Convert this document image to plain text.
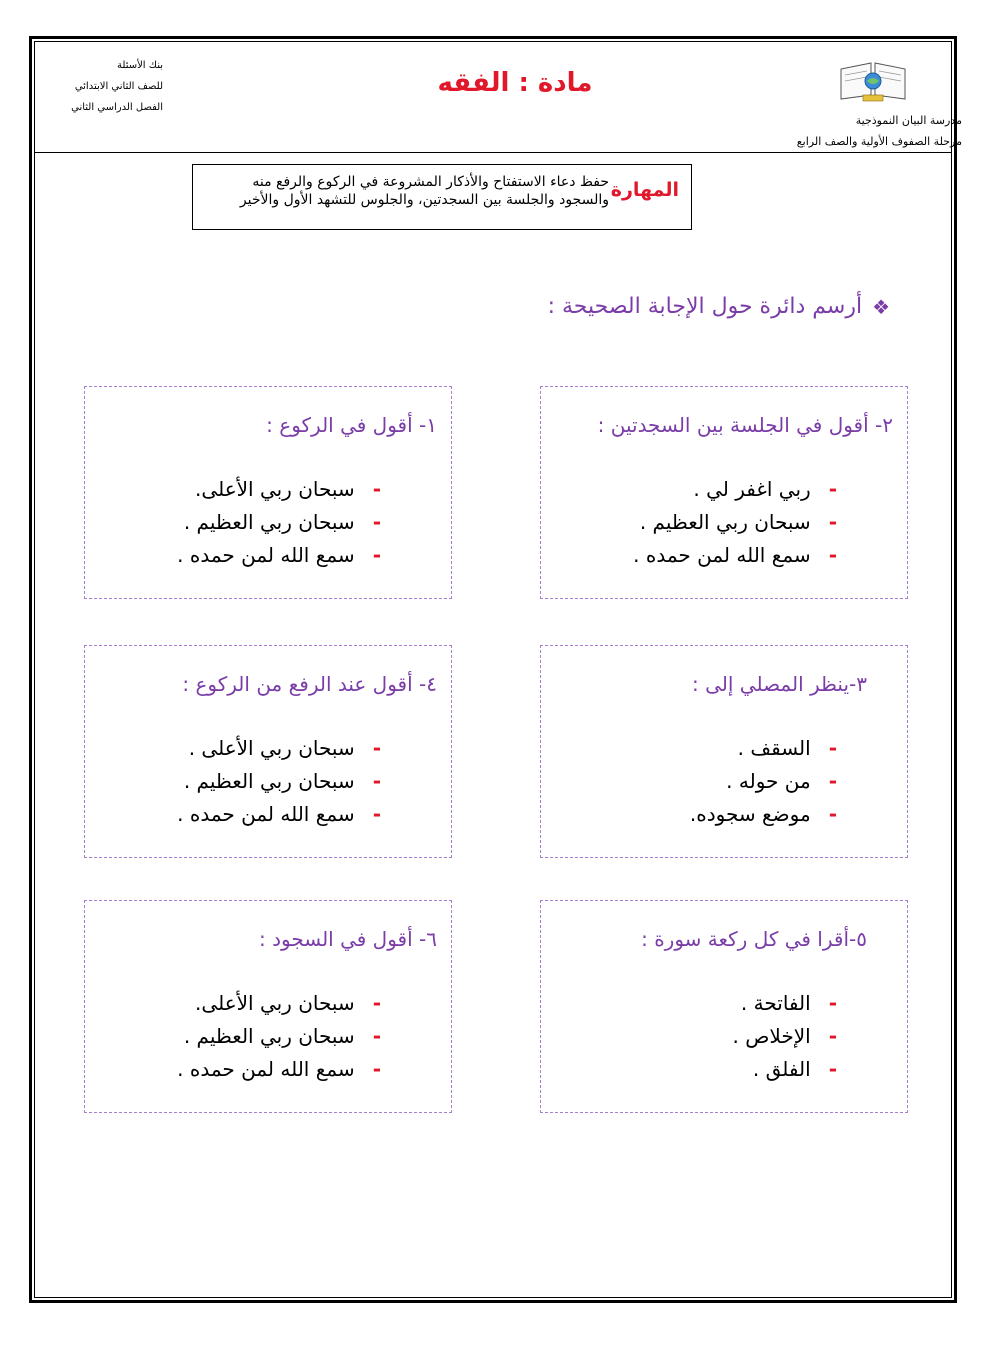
بنك الأسئلة
للصف الثاني الابتدائي
الفصل الدراسي الثاني
مادة : الفقه
مدرسة البيان النموذجية
مرحلة الصفوف الأولية والصف الرابع
المهارة
حفظ دعاء الاستفتاح والأذكار المشروعة في الركوع والرفع منه والسجود والجلسة بين السجدتين، والجلوس للتشهد الأول والأخير
❖
أرسم دائرة حول الإجابة الصحيحة :
١- أقول في الركوع :
-
سبحان ربي الأعلى.
-
سبحان ربي العظيم .
-
سمع الله لمن حمده .
٢- أقول في الجلسة بين السجدتين :
-
ربي اغفر لي .
-
سبحان ربي العظيم .
-
سمع الله لمن حمده .
٣-ينظر المصلي إلى :
-
السقف .
-
من حوله .
-
موضع سجوده.
٤- أقول عند الرفع من الركوع :
-
سبحان ربي الأعلى .
-
سبحان ربي العظيم .
-
سمع الله لمن حمده .
٥-أقرا في كل ركعة سورة :
-
الفاتحة .
-
الإخلاص .
-
الفلق .
٦- أقول في السجود :
-
سبحان ربي الأعلى.
-
سبحان ربي العظيم .
-
سمع الله لمن حمده .
